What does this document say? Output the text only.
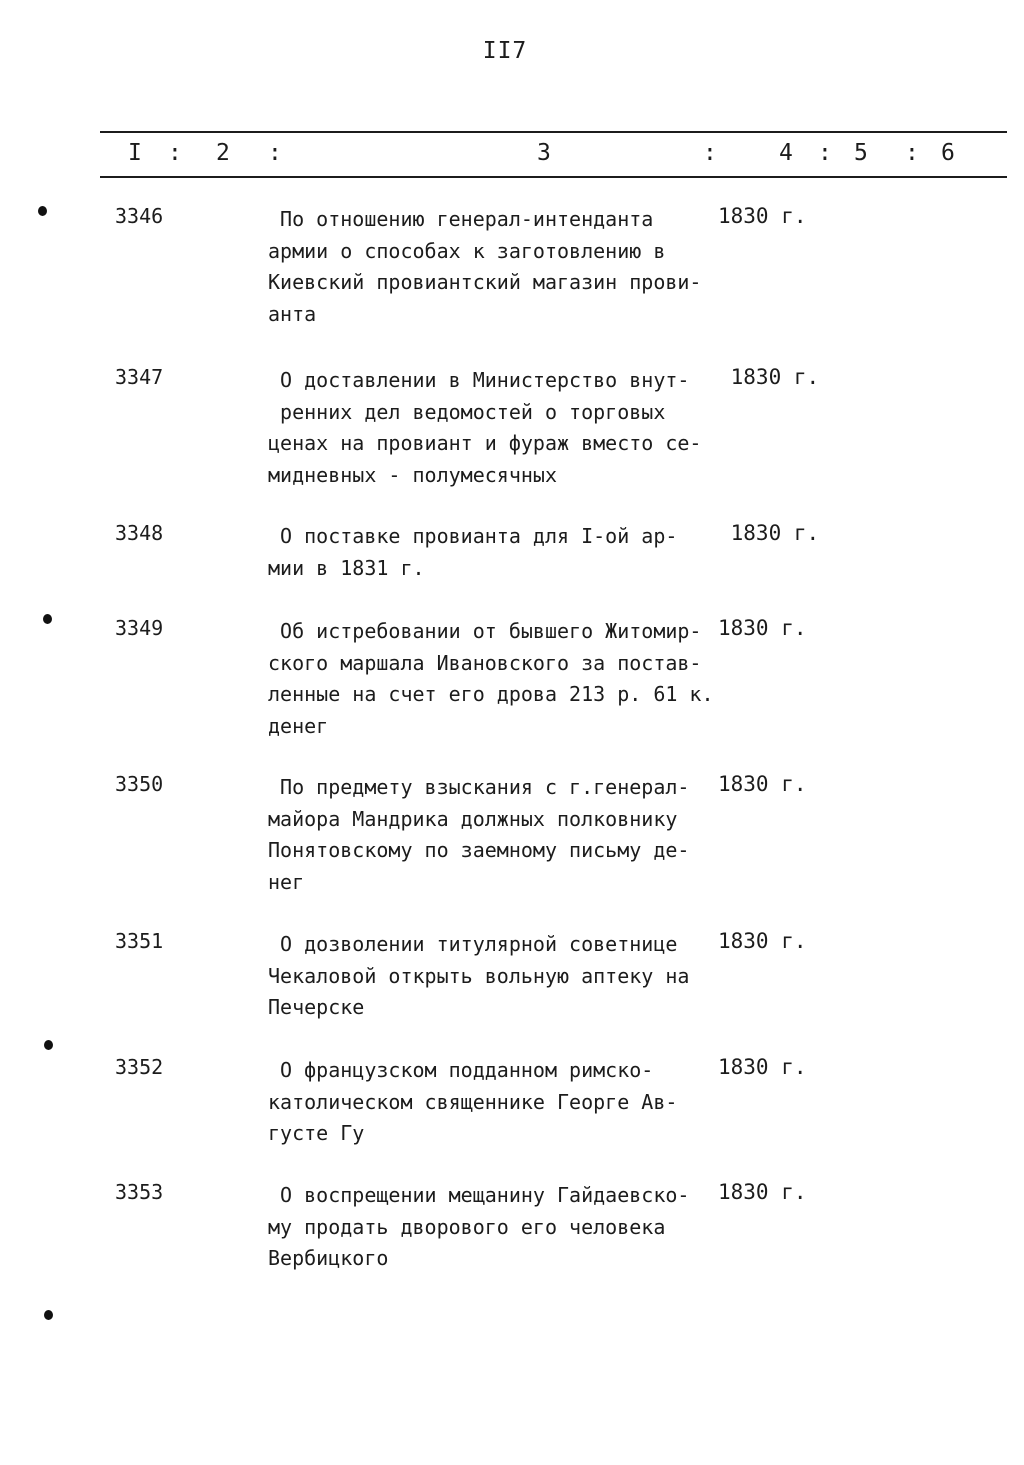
II7
I : 2 :	3	:	4 : 5 : 6
3346	По отношению генерал-интенданта
армии о способах к заготовлению в
Киевский провиантский магазин прови-
анта
1830 г.
3347	О доставлении в Министерство внут-
ренних дел ведомостей о торговых
ценах на провиант и фураж вместо се-
мидневных - полумесячных
1830 г.
3348	О поставке провианта для I-ой ар-
мии в 1831 г.
1830 г.
3349	Об истребовании от бывшего Житомир-
ского маршала Ивановского за постав-
ленные на счет его дрова 213 р. 61 к.
денег
1830 г.
3350	По предмету взыскания с г.генерал-
майора Мандрика должных полковнику
Понятовскому по заемному письму де-
нег
1830 г.
3351	О дозволении титулярной советнице
Чекаловой открыть вольную аптеку на
Печерске
1830 г.
3352	О французском подданном римско-
католическом священнике Георге Ав-
густе Гу
1830 г.
3353	О воспрещении мещанину Гайдаевско-
му продать дворового его человека
Вербицкого
1830 г.
